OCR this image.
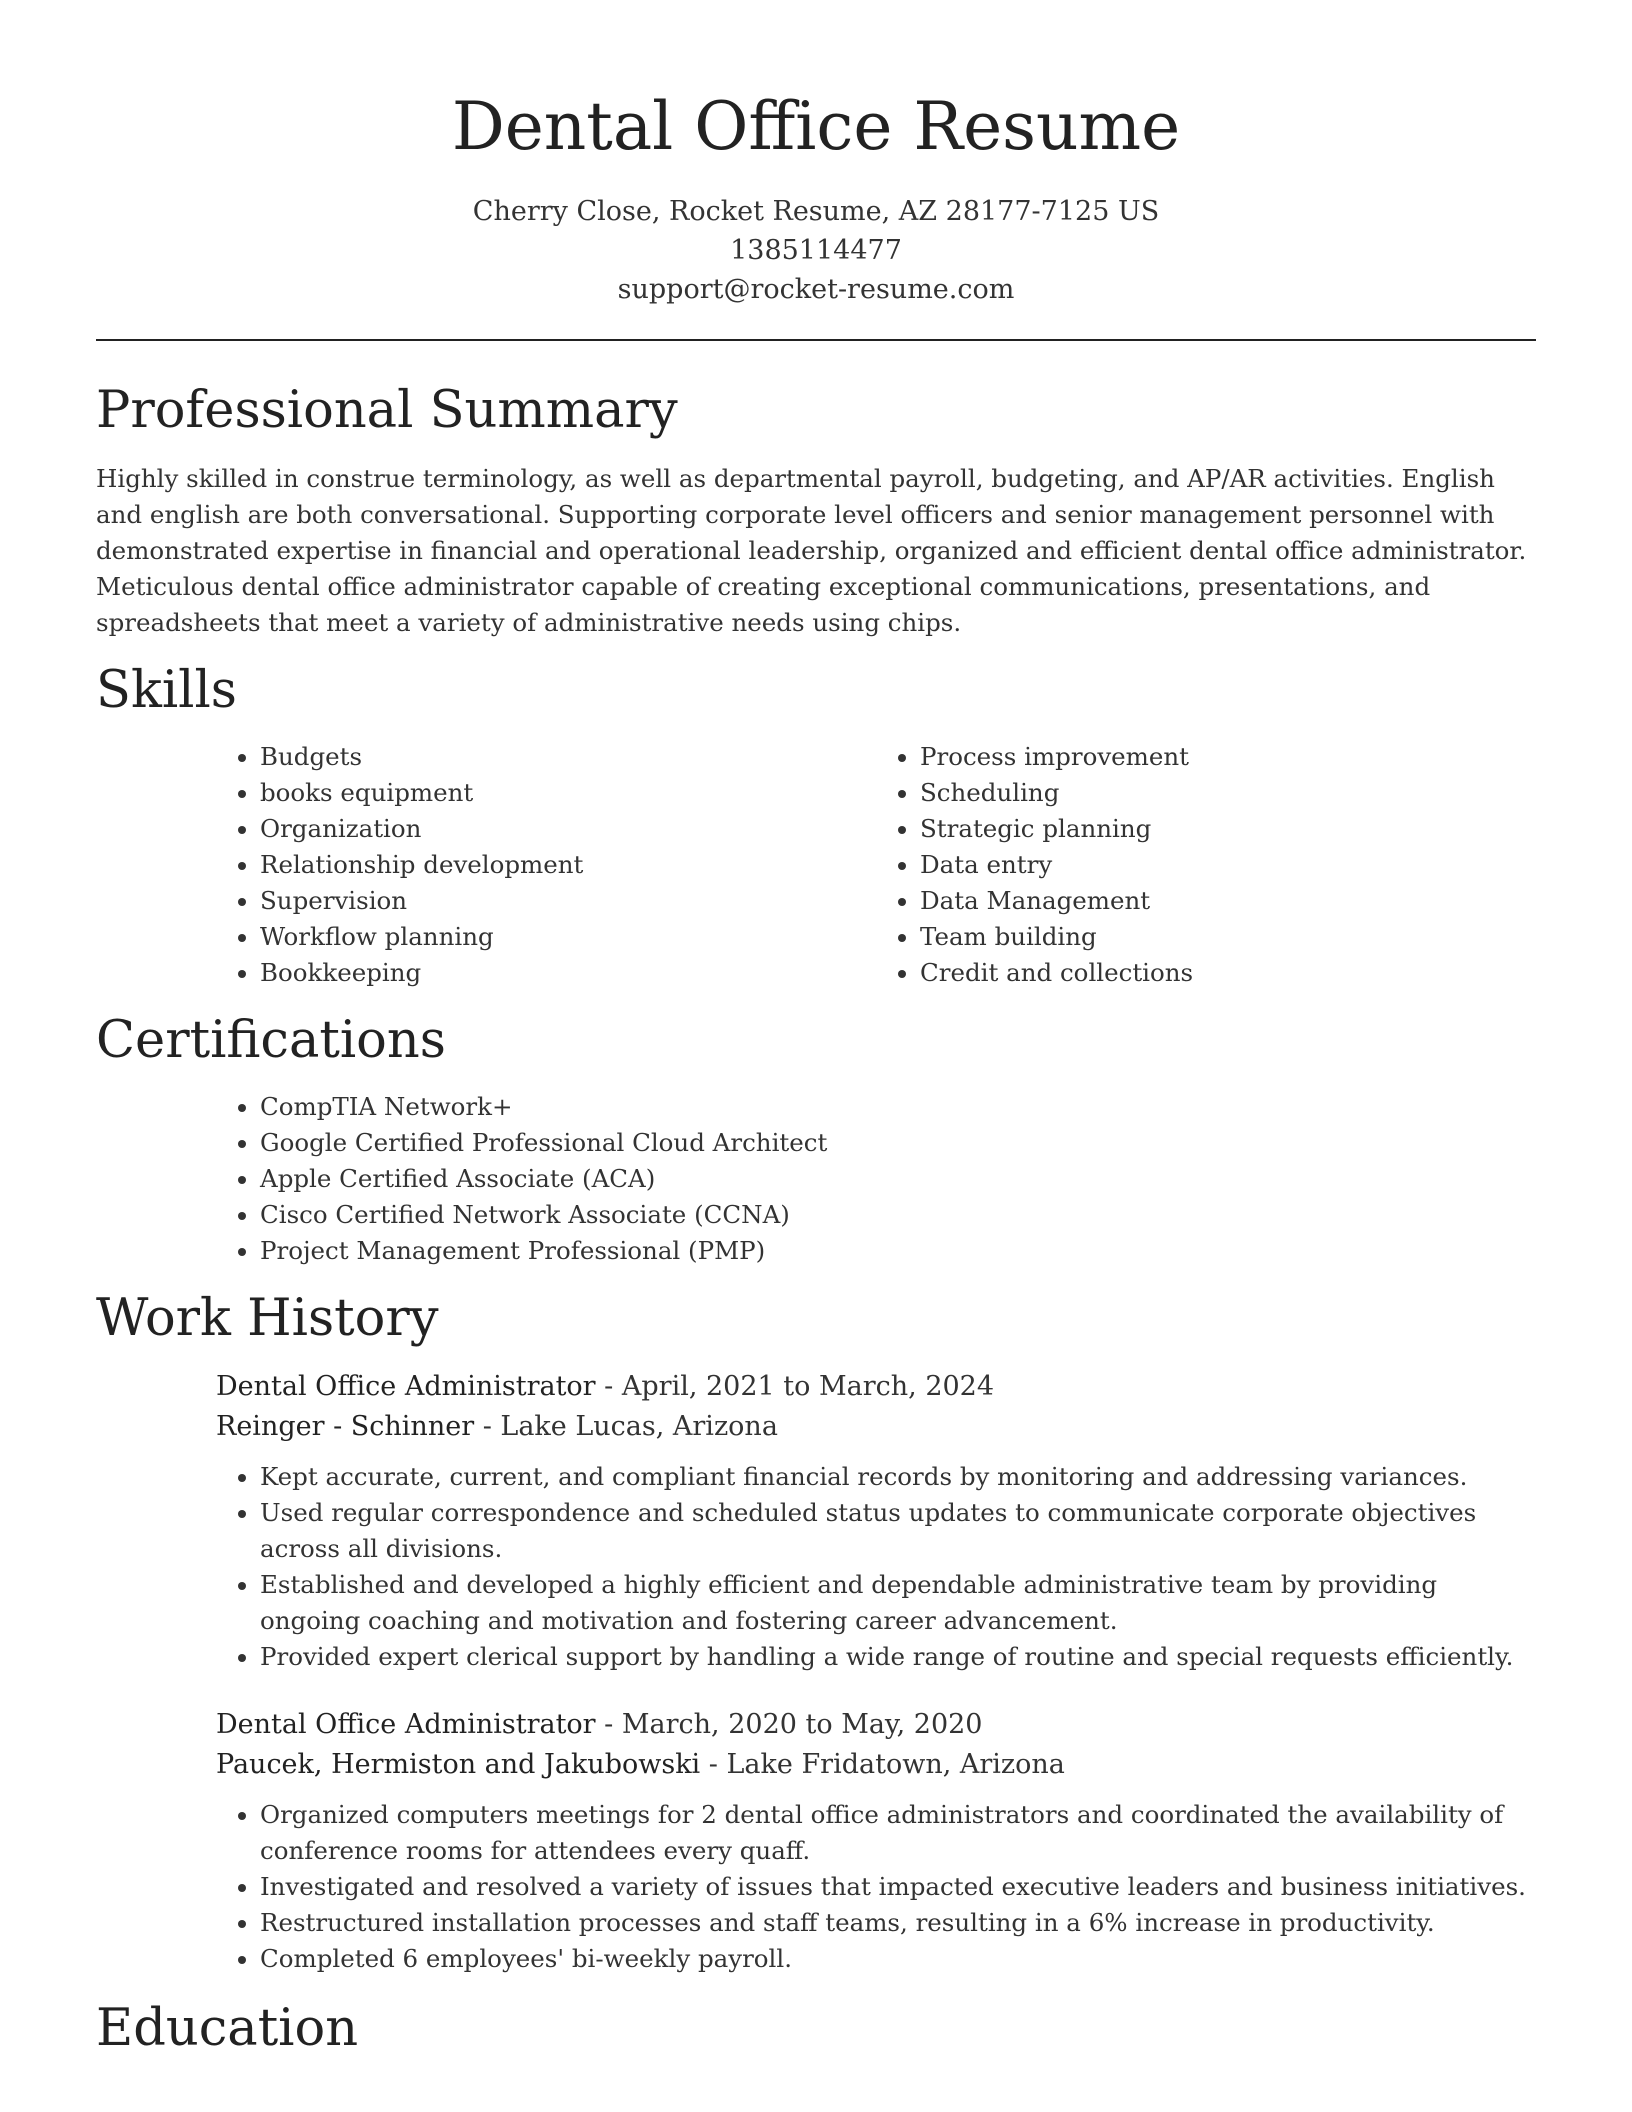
Dental Office Resume
Cherry Close, Rocket Resume, AZ 28177-7125 US
1385114477
support@rocket-resume.com
Professional Summary

Highly skilled in construe terminology, as well as departmental payroll, budgeting, and AP/AR activities. English and english are both conversational. Supporting corporate level officers and senior management personnel with demonstrated expertise in financial and operational leadership, organized and efficient dental office administrator. Meticulous dental office administrator capable of creating exceptional communications, presentations, and spreadsheets that meet a variety of administrative needs using chips.

Skills
• Budgets
• books equipment
• Organization
• Relationship development
• Supervision
• Workflow planning
• Bookkeeping
• Process improvement
• Scheduling
• Strategic planning
• Data entry
• Data Management
• Team building
• Credit and collections
Certifications
• CompTIA Network+
• Google Certified Professional Cloud Architect
• Apple Certified Associate (ACA)
• Cisco Certified Network Associate (CCNA)
• Project Management Professional (PMP)
Work History
Dental Office Administrator - April, 2021 to March, 2024
Reinger - Schinner - Lake Lucas, Arizona
• Kept accurate, current, and compliant financial records by monitoring and addressing variances.
• Used regular correspondence and scheduled status updates to communicate corporate objectives across all divisions.
• Established and developed a highly efficient and dependable administrative team by providing ongoing coaching and motivation and fostering career advancement.
• Provided expert clerical support by handling a wide range of routine and special requests efficiently.
Dental Office Administrator - March, 2020 to May, 2020
Paucek, Hermiston and Jakubowski - Lake Fridatown, Arizona
• Organized computers meetings for 2 dental office administrators and coordinated the availability of conference rooms for attendees every quaff.
• Investigated and resolved a variety of issues that impacted executive leaders and business initiatives.
• Restructured installation processes and staff teams, resulting in a 6% increase in productivity.
• Completed 6 employees' bi-weekly payroll.
Education
